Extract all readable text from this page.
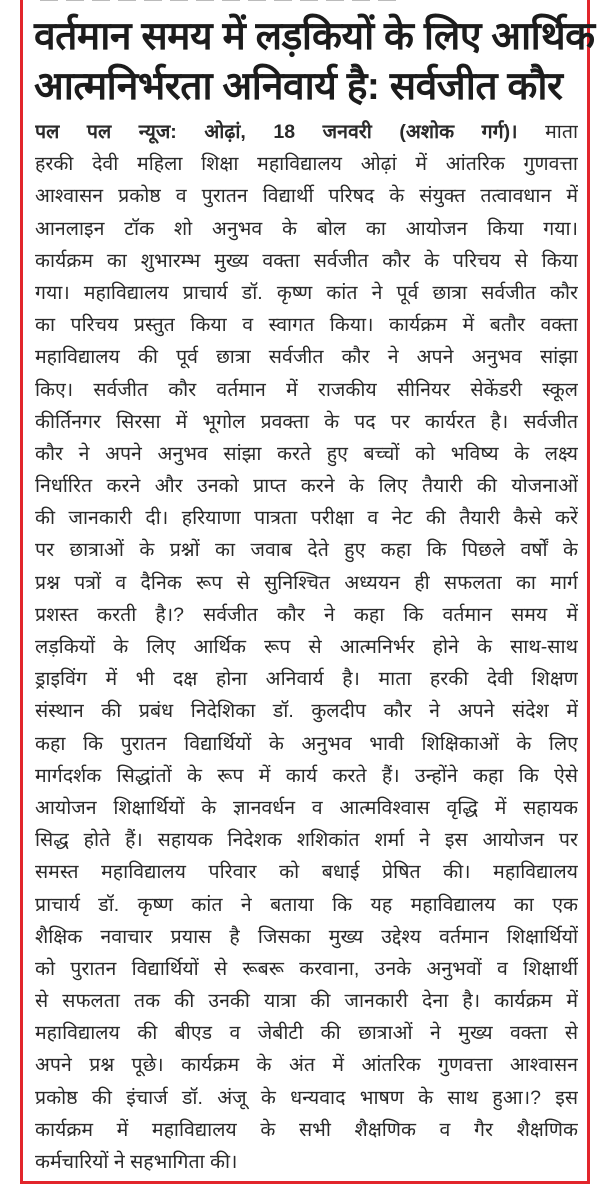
वर्तमान समय में लड़कियों के लिए आर्थिक
आत्मनिर्भरता अनिवार्य है: सर्वजीत कौर
पल पल न्यूज: ओढ़ां, 18 जनवरी (अशोक गर्ग)। माता
हरकी देवी महिला शिक्षा महाविद्यालय ओढ़ां में आंतरिक गुणवत्ता
आश्वासन प्रकोष्ठ व पुरातन विद्यार्थी परिषद के संयुक्त तत्वावधान में
आनलाइन टॉक शो अनुभव के बोल का आयोजन किया गया।
कार्यक्रम का शुभारम्भ मुख्य वक्ता सर्वजीत कौर के परिचय से किया
गया। महाविद्यालय प्राचार्य डॉ. कृष्ण कांत ने पूर्व छात्रा सर्वजीत कौर
का परिचय प्रस्तुत किया व स्वागत किया। कार्यक्रम में बतौर वक्ता
महाविद्यालय की पूर्व छात्रा सर्वजीत कौर ने अपने अनुभव सांझा
किए। सर्वजीत कौर वर्तमान में राजकीय सीनियर सेकेंडरी स्कूल
कीर्तिनगर सिरसा में भूगोल प्रवक्ता के पद पर कार्यरत है। सर्वजीत
कौर ने अपने अनुभव सांझा करते हुए बच्चों को भविष्य के लक्ष्य
निर्धारित करने और उनको प्राप्त करने के लिए तैयारी की योजनाओं
की जानकारी दी। हरियाणा पात्रता परीक्षा व नेट की तैयारी कैसे करें
पर छात्राओं के प्रश्नों का जवाब देते हुए कहा कि पिछले वर्षों के
प्रश्न पत्रों व दैनिक रूप से सुनिश्चित अध्ययन ही सफलता का मार्ग
प्रशस्त करती है।? सर्वजीत कौर ने कहा कि वर्तमान समय में
लड़कियों के लिए आर्थिक रूप से आत्मनिर्भर होने के साथ-साथ
ड्राइविंग में भी दक्ष होना अनिवार्य है। माता हरकी देवी शिक्षण
संस्थान की प्रबंध निदेशिका डॉ. कुलदीप कौर ने अपने संदेश में
कहा कि पुरातन विद्यार्थियों के अनुभव भावी शिक्षिकाओं के लिए
मार्गदर्शक सिद्धांतों के रूप में कार्य करते हैं। उन्होंने कहा कि ऐसे
आयोजन शिक्षार्थियों के ज्ञानवर्धन व आत्मविश्वास वृद्धि में सहायक
सिद्ध होते हैं। सहायक निदेशक शशिकांत शर्मा ने इस आयोजन पर
समस्त महाविद्यालय परिवार को बधाई प्रेषित की। महाविद्यालय
प्राचार्य डॉ. कृष्ण कांत ने बताया कि यह महाविद्यालय का एक
शैक्षिक नवाचार प्रयास है जिसका मुख्य उद्देश्य वर्तमान शिक्षार्थियों
को पुरातन विद्यार्थियों से रूबरू करवाना, उनके अनुभवों व शिक्षार्थी
से सफलता तक की उनकी यात्रा की जानकारी देना है। कार्यक्रम में
महाविद्यालय की बीएड व जेबीटी की छात्राओं ने मुख्य वक्ता से
अपने प्रश्न पूछे। कार्यक्रम के अंत में आंतरिक गुणवत्ता आश्वासन
प्रकोष्ठ की इंचार्ज डॉ. अंजू के धन्यवाद भाषण के साथ हुआ।? इस
कार्यक्रम में महाविद्यालय के सभी शैक्षणिक व गैर शैक्षणिक
कर्मचारियों ने सहभागिता की।
